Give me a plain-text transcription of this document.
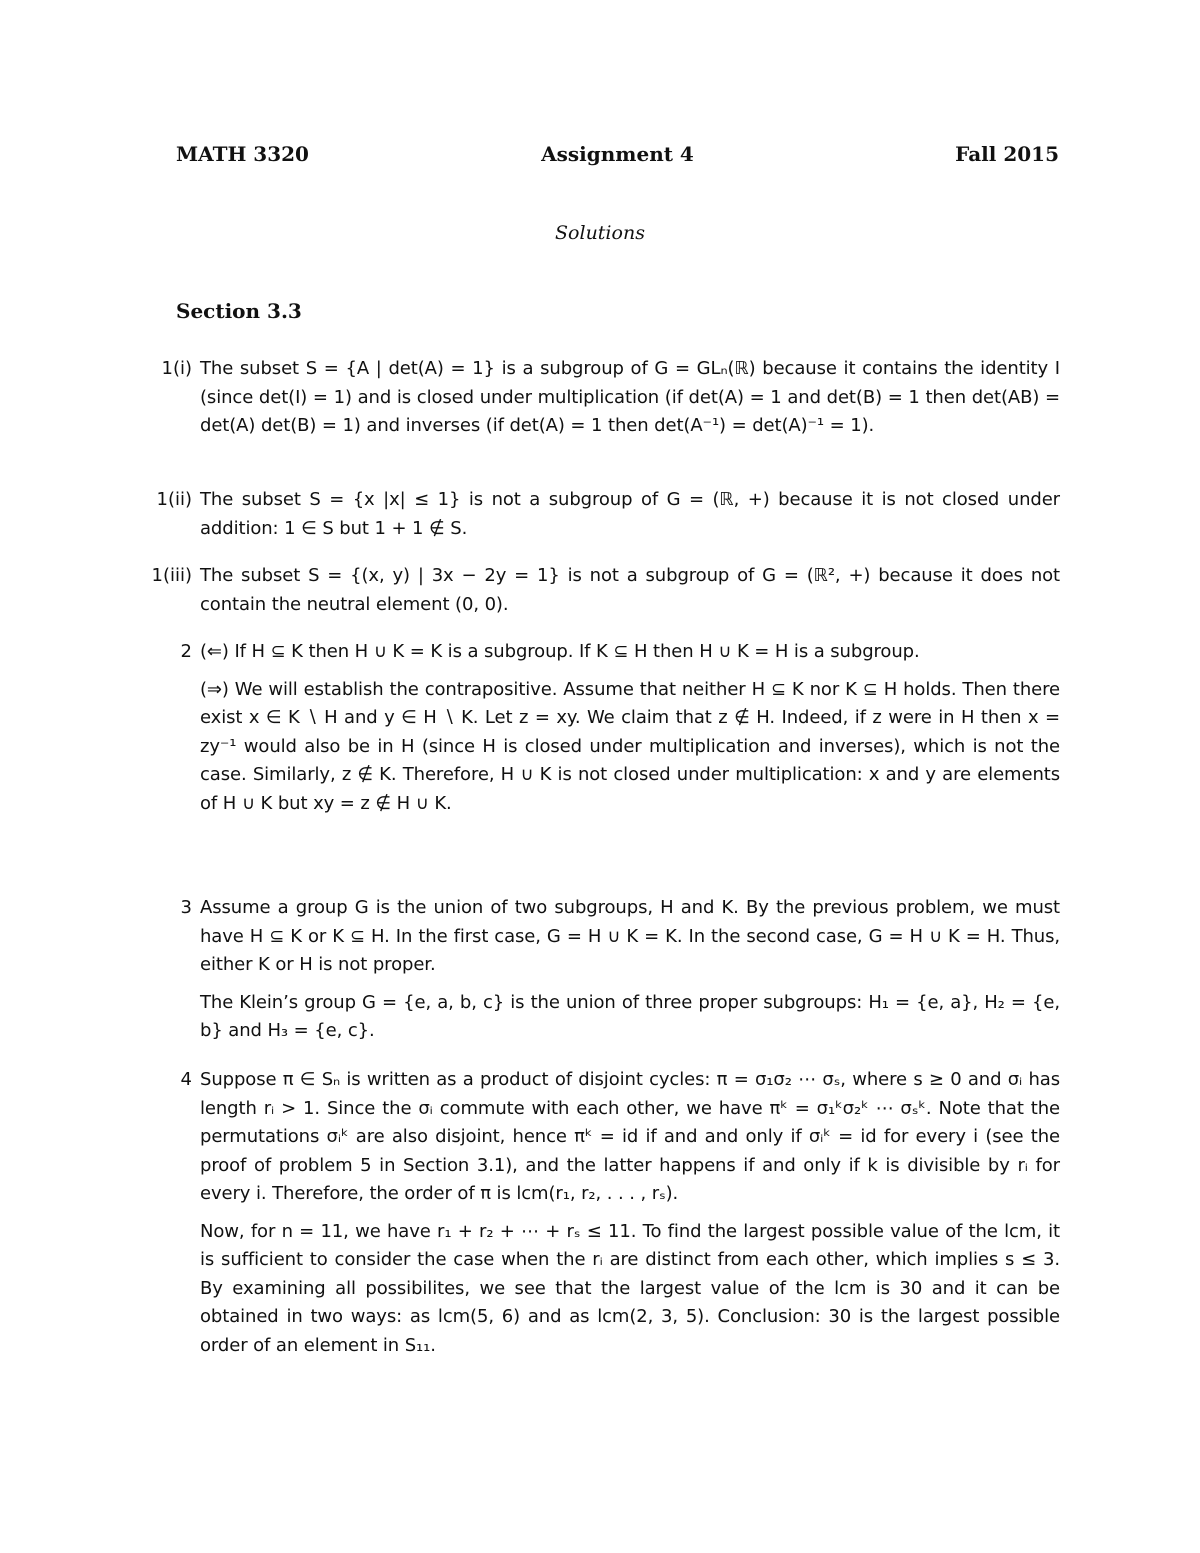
MATH 3320	Assignment 4	Fall 2015
Solutions
Section 3.3
1(i) The subset S = {A | det(A) = 1} is a subgroup of G = GLₙ(ℝ) because it contains the identity I (since det(I) = 1) and is closed under multiplication (if det(A) = 1 and det(B) = 1 then det(AB) = det(A) det(B) = 1) and inverses (if det(A) = 1 then det(A⁻¹) = det(A)⁻¹ = 1).

1(ii) The subset S = {x |x| ≤ 1} is not a subgroup of G = (ℝ, +) because it is not closed under addition: 1 ∈ S but 1 + 1 ∉ S.

1(iii) The subset S = {(x, y) | 3x − 2y = 1} is not a subgroup of G = (ℝ², +) because it does not contain the neutral element (0, 0).

2 (⇐) If H ⊆ K then H ∪ K = K is a subgroup. If K ⊆ H then H ∪ K = H is a subgroup.

(⇒) We will establish the contrapositive. Assume that neither H ⊆ K nor K ⊆ H holds. Then there exist x ∈ K ∖ H and y ∈ H ∖ K. Let z = xy. We claim that z ∉ H. Indeed, if z were in H then x = zy⁻¹ would also be in H (since H is closed under multiplication and inverses), which is not the case. Similarly, z ∉ K. Therefore, H ∪ K is not closed under multiplication: x and y are elements of H ∪ K but xy = z ∉ H ∪ K.

3 Assume a group G is the union of two subgroups, H and K. By the previous problem, we must have H ⊆ K or K ⊆ H. In the first case, G = H ∪ K = K. In the second case, G = H ∪ K = H. Thus, either K or H is not proper.

The Klein’s group G = {e, a, b, c} is the union of three proper subgroups: H₁ = {e, a}, H₂ = {e, b} and H₃ = {e, c}.

4 Suppose π ∈ Sₙ is written as a product of disjoint cycles: π = σ₁σ₂ ⋯ σₛ, where s ≥ 0 and σᵢ has length rᵢ > 1. Since the σᵢ commute with each other, we have πᵏ = σ₁ᵏσ₂ᵏ ⋯ σₛᵏ. Note that the permutations σᵢᵏ are also disjoint, hence πᵏ = id if and and only if σᵢᵏ = id for every i (see the proof of problem 5 in Section 3.1), and the latter happens if and only if k is divisible by rᵢ for every i. Therefore, the order of π is lcm(r₁, r₂, . . . , rₛ).

Now, for n = 11, we have r₁ + r₂ + ⋯ + rₛ ≤ 11. To find the largest possible value of the lcm, it is sufficient to consider the case when the rᵢ are distinct from each other, which implies s ≤ 3. By examining all possibilites, we see that the largest value of the lcm is 30 and it can be obtained in two ways: as lcm(5, 6) and as lcm(2, 3, 5). Conclusion: 30 is the largest possible order of an element in S₁₁.
